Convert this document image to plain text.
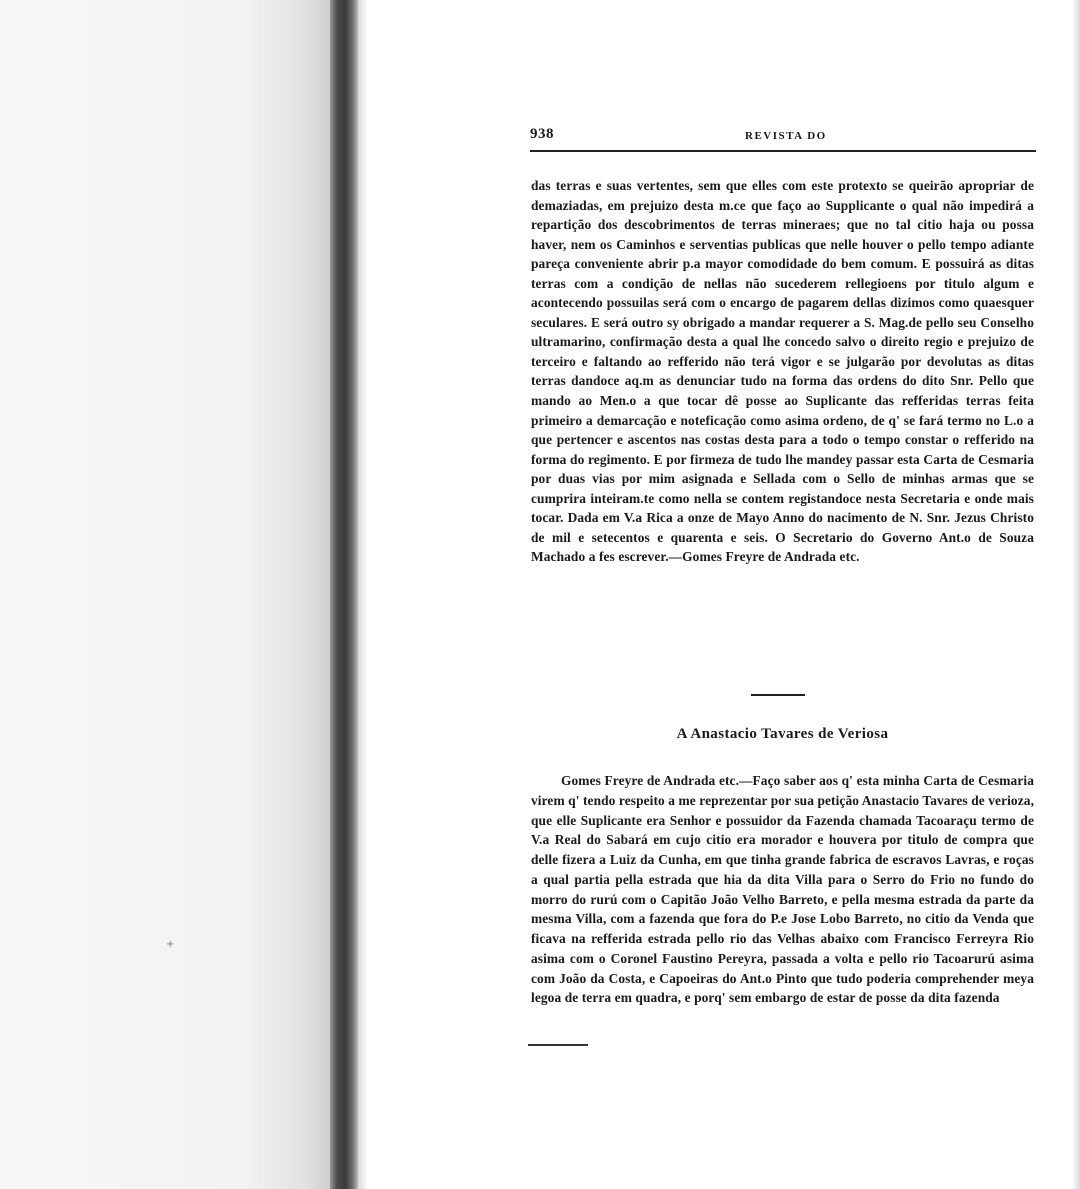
+
938	REVISTA DO

das terras e suas vertentes, sem que elles com este protexto se queirão apropriar de demaziadas, em prejuizo desta m.ce que faço ao Supplicante o qual não impedirá a repartição dos descobrimentos de terras mineraes; que no tal citio haja ou possa haver, nem os Caminhos e serventias publicas que nelle houver o pello tempo adiante pareça conveniente abrir p.a mayor comodidade do bem comum. E possuirá as ditas terras com a condição de nellas não sucederem rellegioens por titulo algum e acontecendo possuilas será com o encargo de pagarem dellas dizimos como quaesquer seculares. E será outro sy obrigado a mandar requerer a S. Mag.de pello seu Conselho ultramarino, confirmação desta a qual lhe concedo salvo o direito regio e prejuizo de terceiro e faltando ao refferido não terá vigor e se julgarão por devolutas as ditas terras dandoce aq.m as denunciar tudo na forma das ordens do dito Snr. Pello que mando ao Men.o a que tocar dê posse ao Suplicante das refferidas terras feita primeiro a demarcação e noteficação como asima ordeno, de q' se fará termo no L.o a que pertencer e ascentos nas costas desta para a todo o tempo constar o refferido na forma do regimento. E por firmeza de tudo lhe mandey passar esta Carta de Cesmaria por duas vias por mim asignada e Sellada com o Sello de minhas armas que se cumprira inteiram.te como nella se contem registandoce nesta Secretaria e onde mais tocar. Dada em V.a Rica a onze de Mayo Anno do nacimento de N. Snr. Jezus Christo de mil e setecentos e quarenta e seis. O Secretario do Governo Ant.o de Souza Machado a fes escrever.—Gomes Freyre de Andrada etc.

A Anastacio Tavares de Veriosa

Gomes Freyre de Andrada etc.—Faço saber aos q' esta minha Carta de Cesmaria virem q' tendo respeito a me reprezentar por sua petição Anastacio Tavares de verioza, que elle Suplicante era Senhor e possuidor da Fazenda chamada Tacoaraçu termo de V.a Real do Sabará em cujo citio era morador e houvera por titulo de compra que delle fizera a Luiz da Cunha, em que tinha grande fabrica de escravos Lavras, e roças a qual partia pella estrada que hia da dita Villa para o Serro do Frio no fundo do morro do rurú com o Capitão João Velho Barreto, e pella mesma estrada da parte da mesma Villa, com a fazenda que fora do P.e Jose Lobo Barreto, no citio da Venda que ficava na refferida estrada pello rio das Velhas abaixo com Francisco Ferreyra Rio asima com o Coronel Faustino Pereyra, passada a volta e pello rio Tacoarurú asima com João da Costa, e Capoeiras do Ant.o Pinto que tudo poderia comprehender meya legoa de terra em quadra, e porq' sem embargo de estar de posse da dita fazenda
